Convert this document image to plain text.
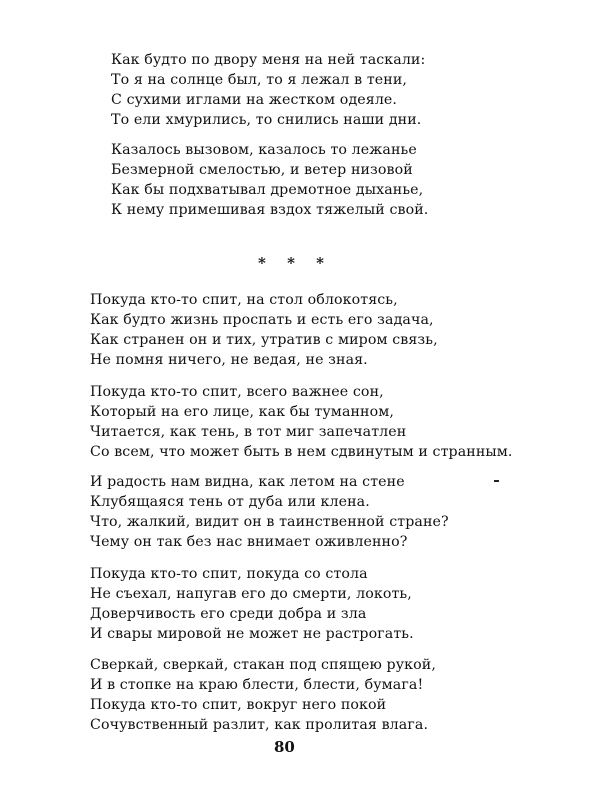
Как будто по двору меня на ней таскали:
То я на солнце был, то я лежал в тени,
С сухими иглами на жестком одеяле.
То ели хмурились, то снились наши дни.
Казалось вызовом, казалось то лежанье
Безмерной смелостью, и ветер низовой
Как бы подхватывал дремотное дыханье,
К нему примешивая вздох тяжелый свой.
* * *
Покуда кто-то спит, на стол облокотясь,
Как будто жизнь проспать и есть его задача,
Как странен он и тих, утратив с миром связь,
Не помня ничего, не ведая, не зная.
Покуда кто-то спит, всего важнее сон,
Который на его лице, как бы туманном,
Читается, как тень, в тот миг запечатлен
Со всем, что может быть в нем сдвинутым и странным.
И радость нам видна, как летом на стене
Клубящаяся тень от дуба или клена.
Что, жалкий, видит он в таинственной стране?
Чему он так без нас внимает оживленно?
Покуда кто-то спит, покуда со стола
Не съехал, напугав его до смерти, локоть,
Доверчивость его среди добра и зла
И свары мировой не может не растрогать.
Сверкай, сверкай, стакан под спящею рукой,
И в стопке на краю блести, блести, бумага!
Покуда кто-то спит, вокруг него покой
Сочувственный разлит, как пролитая влага.
80
